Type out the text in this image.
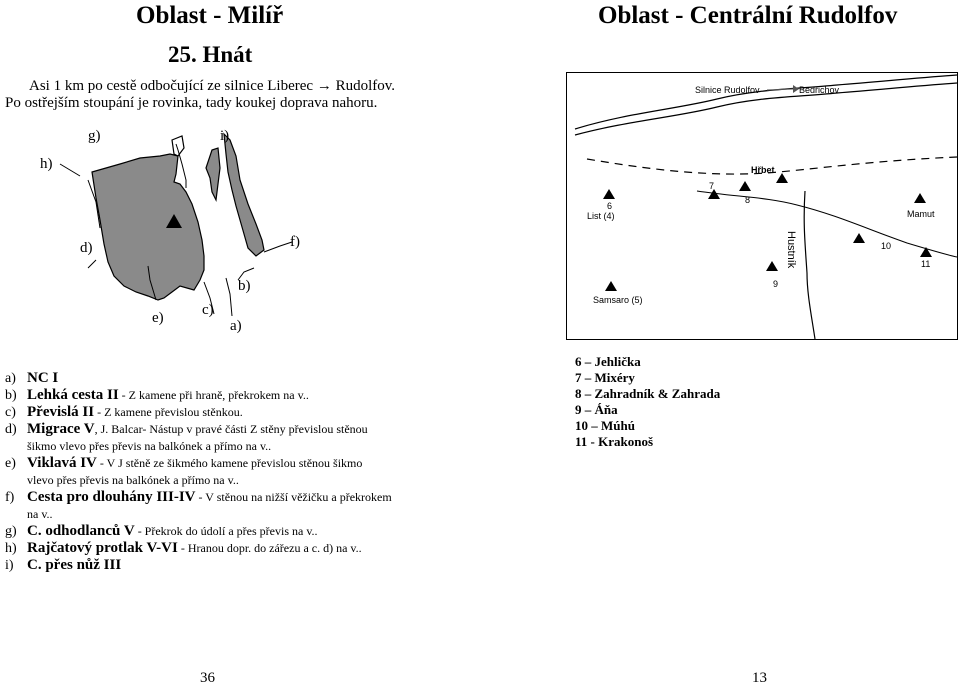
Oblast - Milíř
25. Hnát
Asi 1 km po cestě odbočující ze silnice Liberec → Rudolfov.
Po ostřejším stoupání je rovinka, tady koukej doprava nahoru.
g)	i)
h)
d)	f)
b)
c)
e)	a)
a) NC I
b) Lehká cesta II - Z kamene při hraně, překrokem na v..
c) Převislá II - Z kamene převislou stěnkou.
d) Migrace V, J. Balcar- Nástup v pravé části Z stěny převislou stěnou
šikmo vlevo přes převis na balkónek a přímo na v..
e) Viklavá IV - V J stěně ze šikmého kamene převislou stěnou šikmo
vlevo přes převis na balkónek a přímo na v..
f) Cesta pro dlouhány III-IV - V stěnou na nižší věžičku a překrokem
na v..
g) C. odhodlanců V - Překrok do údolí a přes převis na v..
h) Rajčatový protlak V-VI - Hranou dopr. do zářezu a c. d) na v..
i) C. přes nůž III
36
Oblast - Centrální Rudolfov
Silnice Rudolfov	Bedřichov
Hřbet
Hustník
6
List (4)
7
8
9
10
11
Samsaro (5)
Mamut
6 – Jehlička
7 – Mixéry
8 – Zahradník & Zahrada
9 – Áňa
10 – Múhú
11 - Krakonoš
13
